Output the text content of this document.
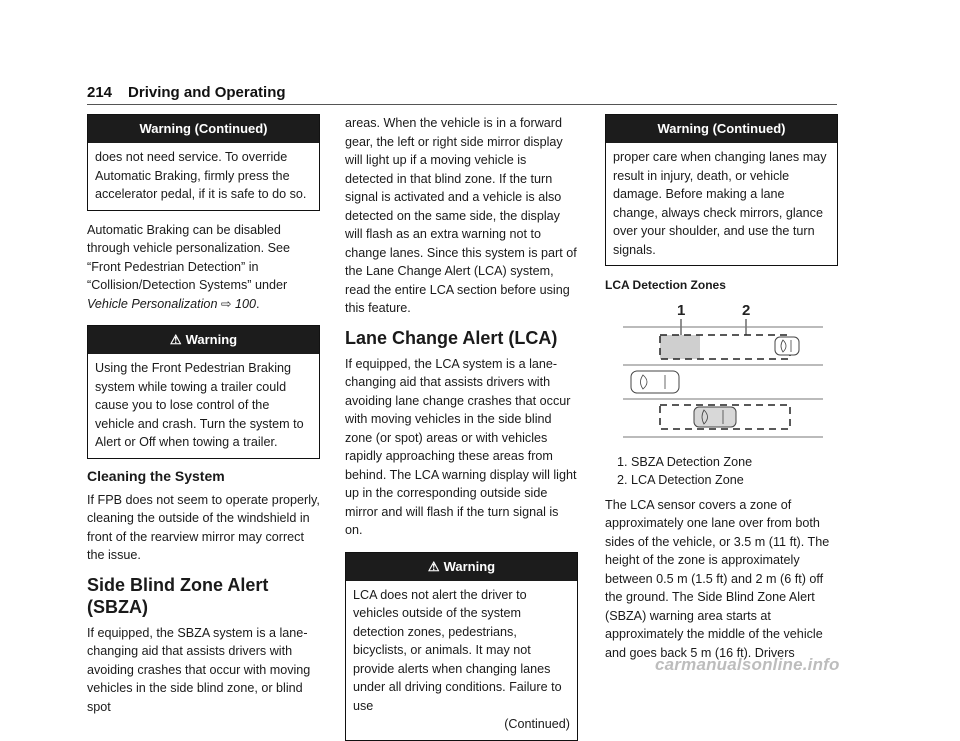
214 Driving and Operating
Warning (Continued)

does not need service. To override Automatic Braking, firmly press the accelerator pedal, if it is safe to do so.

Automatic Braking can be disabled through vehicle personalization. See “Front Pedestrian Detection” in “Collision/Detection Systems” under Vehicle Personalization ⇨ 100.

⚠ Warning

Using the Front Pedestrian Braking system while towing a trailer could cause you to lose control of the vehicle and crash. Turn the system to Alert or Off when towing a trailer.

Cleaning the System

If FPB does not seem to operate properly, cleaning the outside of the windshield in front of the rearview mirror may correct the issue.

Side Blind Zone Alert (SBZA)

If equipped, the SBZA system is a lane-changing aid that assists drivers with avoiding crashes that occur with moving vehicles in the side blind zone, or blind spot

areas. When the vehicle is in a forward gear, the left or right side mirror display will light up if a moving vehicle is detected in that blind zone. If the turn signal is activated and a vehicle is also detected on the same side, the display will flash as an extra warning not to change lanes. Since this system is part of the Lane Change Alert (LCA) system, read the entire LCA section before using this feature.

Lane Change Alert (LCA)

If equipped, the LCA system is a lane-changing aid that assists drivers with avoiding lane change crashes that occur with moving vehicles in the side blind zone (or spot) areas or with vehicles rapidly approaching these areas from behind. The LCA warning display will light up in the corresponding outside side mirror and will flash if the turn signal is on.

⚠ Warning

LCA does not alert the driver to vehicles outside of the system detection zones, pedestrians, bicyclists, or animals. It may not provide alerts when changing lanes under all driving conditions. Failure to use

(Continued)

Warning (Continued)

proper care when changing lanes may result in injury, death, or vehicle damage. Before making a lane change, always check mirrors, glance over your shoulder, and use the turn signals.

LCA Detection Zones

1	2
1. SBZA Detection Zone
2. LCA Detection Zone

The LCA sensor covers a zone of approximately one lane over from both sides of the vehicle, or 3.5 m (11 ft). The height of the zone is approximately between 0.5 m (1.5 ft) and 2 m (6 ft) off the ground. The Side Blind Zone Alert (SBZA) warning area starts at approximately the middle of the vehicle and goes back 5 m (16 ft). Drivers

carmanualsonline.info
